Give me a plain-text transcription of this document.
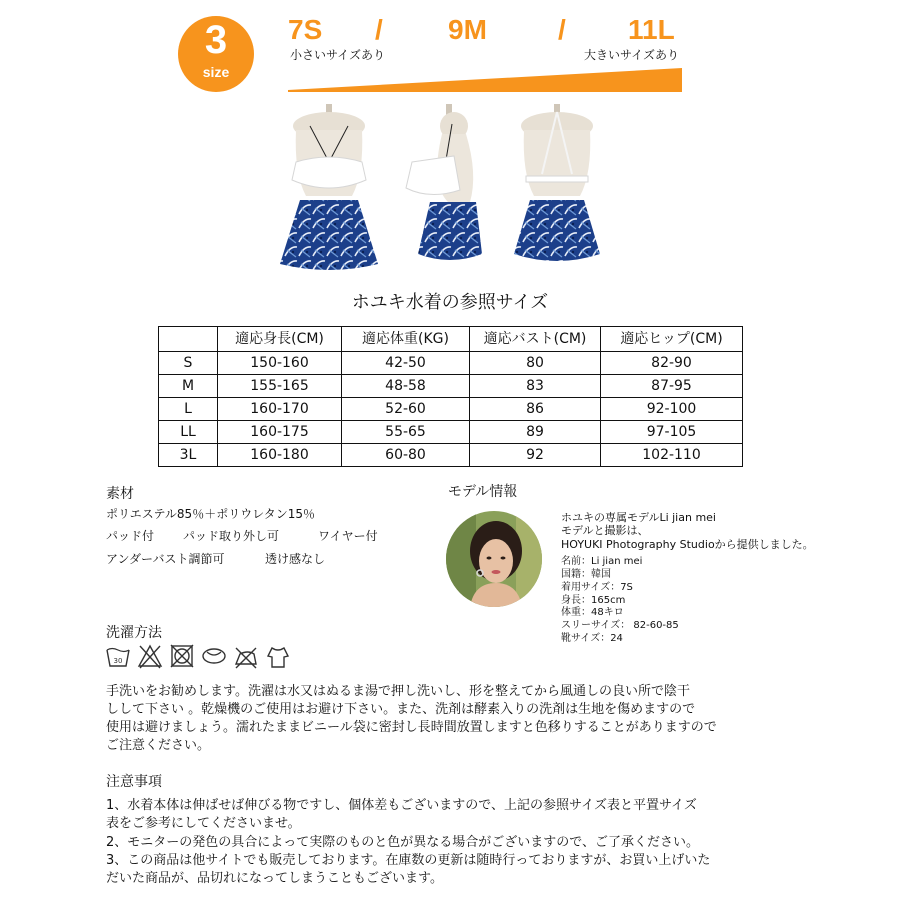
3
size
7S / 9M	/ 11L
小さいサイズあり	大きいサイズあり
ホユキ水着の参照サイズ
	適応身長(CM)	適応体重(KG)	適応バスト(CM)	適応ヒップ(CM)
S	150-160	42-50	80	82-90
M	155-165	48-58	83	87-95
L	160-170	52-60	86	92-100
LL	160-175	55-65	89	97-105
3L	160-180	60-80	92	102-110
素材
ポリエステル85％＋ポリウレタン15％
パッド付 パッド取り外し可	ワイヤー付
アンダーバスト調節可	透け感なし
モデル情報
ホユキの専属モデルLi jian mei
モデルと撮影は、
HOYUKI Photography Studioから提供しました。
名前：Li jian mei
国籍：韓国
着用サイズ：7S
身長：165cm
体重：48キロ
スリーサイズ： 82-60-85
靴サイズ：24
洗濯方法
30
手洗いをお勧めします。洗濯は水又はぬるま湯で押し洗いし、形を整えてから風通しの良い所で陰干
しして下さい 。乾燥機のご使用はお避け下さい。また、洗剤は酵素入りの洗剤は生地を傷めますので
使用は避けましょう。濡れたままビニール袋に密封し長時間放置しますと色移りすることがありますので
ご注意ください。
注意事項
1、水着本体は伸ばせば伸びる物ですし、個体差もございますので、上記の参照サイズ表と平置サイズ
表をご参考にしてくださいませ。
2、モニターの発色の具合によって実際のものと色が異なる場合がございますので、ご了承ください。
3、この商品は他サイトでも販売しております。在庫数の更新は随時行っておりますが、お買い上げいた
だいた商品が、品切れになってしまうこともございます。
